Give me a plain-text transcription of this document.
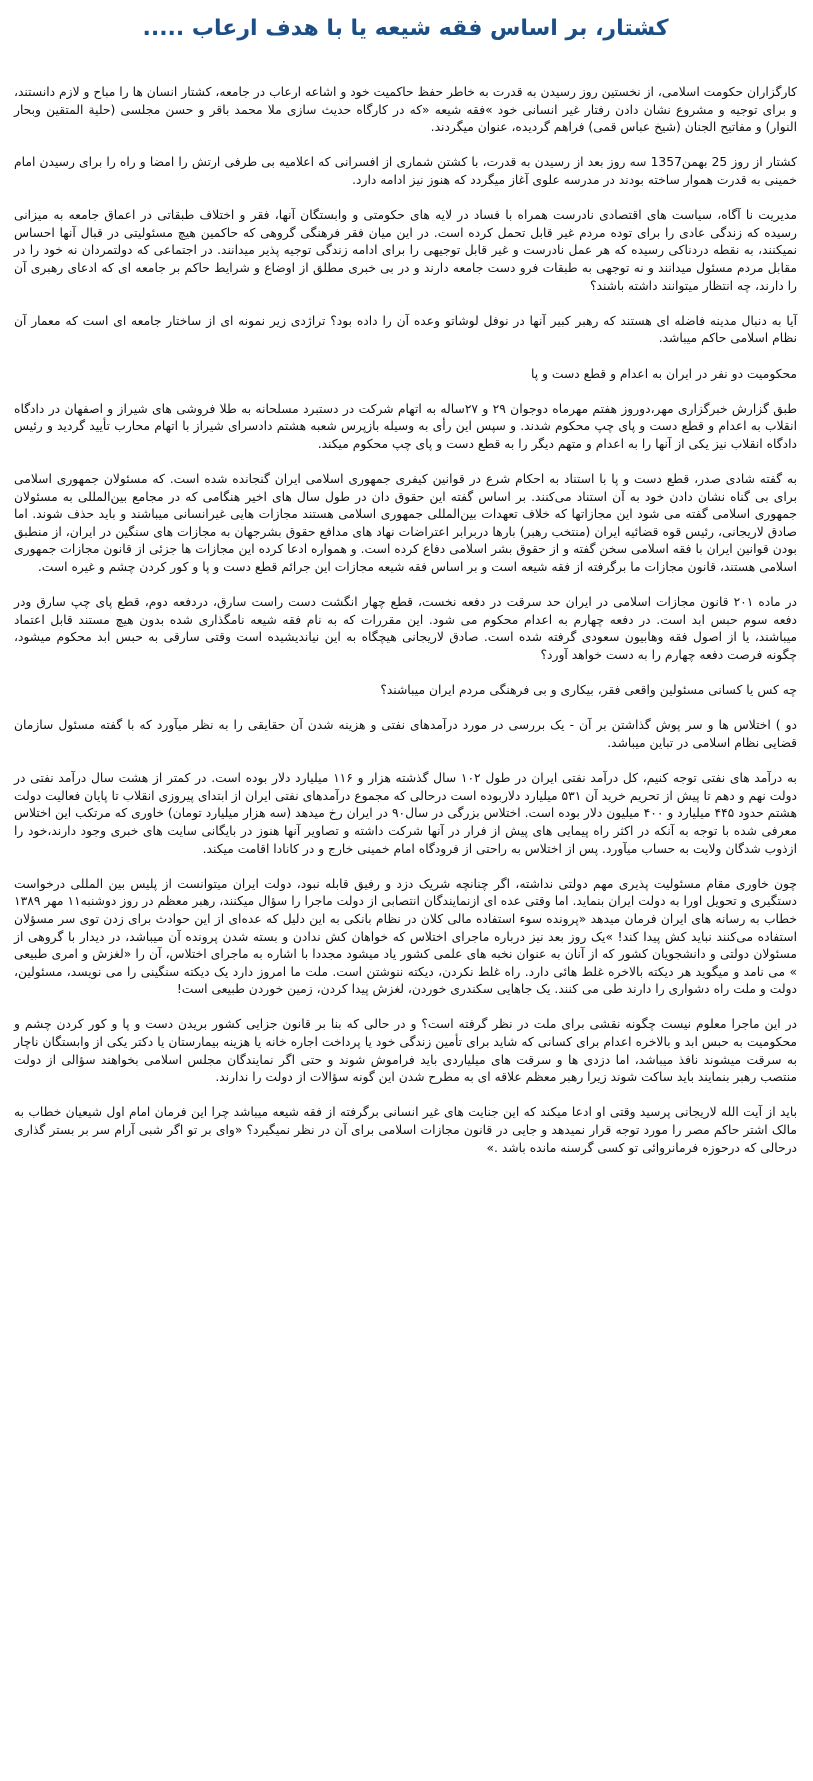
کشتار، بر اساس فقه شیعه یا با هدف ارعاب .....

کارگزاران حکومت اسلامی، از نخستین روز رسیدن به قدرت به خاطر حفظ حاکمیت خود و اشاعه ارعاب در جامعه، کشتار انسان ها را مباح و لازم دانستند، و برای توجیه و مشروع نشان دادن رفتار غیر انسانی خود »فقه شیعه «که در کارگاه حدیث سازی ملا محمد باقر و حسن مجلسی (حلیة المتقین وبحار النوار) و مفاتیح الجنان (شیخ عباس قمی) فراهم گردیده، عنوان میگردند.

کشتار از روز 25 بهمن1357 سه روز بعد از رسیدن به قدرت، با کشتن شماری از افسرانی که اعلامیه بی طرفی ارتش را امضا و راه را برای رسیدن امام خمینی به قدرت هموار ساخته بودند در مدرسه علوی آغاز میگردد که هنوز نیز ادامه دارد.

مدیریت نا آگاه، سیاست های اقتصادی نادرست همراه با فساد در لایه های حکومتی و وابستگان آنها، فقر و اختلاف طبقاتی در اعماق جامعه به میزانی رسیده که زندگی عادی را برای توده مردم غیر قابل تحمل کرده است. در این میان فقر فرهنگی گروهی که حاکمین هیچ مسئولیتی در قبال آنها احساس نمیکنند، به نقطه دردناکی رسیده که هر عمل نادرست و غیر قابل توجیهی را برای ادامه زندگی توجیه پذیر میدانند. در اجتماعی که دولتمردان نه خود را در مقابل مردم مسئول میدانند و نه توجهی به طبقات فرو دست جامعه دارند و در بی خبری مطلق از اوضاع و شرایط حاکم بر جامعه ای که ادعای رهبری آن را دارند، چه انتظار میتوانند داشته باشند؟

آیا به دنبال مدینه فاضله ای هستند که رهبر کبیر آنها در نوفل لوشاتو وعده آن را داده بود؟ تراژدی زیر نمونه ای از ساختار جامعه ای است که معمار آن نظام اسلامی حاکم میباشد.

محکومیت دو نفر در ایران به اعدام و قطع دست و پا

طبق گزارش خبرگزاری مهر،دوروز هفتم مهرماه دوجوان ۲۹ و ۲۷ساله به اتهام شرکت در دستبرد مسلحانه به طلا فروشی های شیراز و اصفهان در دادگاه انقلاب به اعدام و قطع دست و پای چپ محکوم شدند. و سپس این رأی به وسیله بازپرس شعبه هشتم دادسرای شیراز با اتهام محارب تأیید گردید و رئیس دادگاه انقلاب نیز یکی از آنها را به اعدام و متهم دیگر را به قطع دست و پای چپ محکوم میکند.

به گفته شادی صدر، قطع دست و پا با استناد به احکام شرع در قوانین کیفری جمهوری اسلامی ایران گنجانده شده است. که مسئولان جمهوری اسلامی برای بی گناه نشان دادن خود به آن استناد می‌کنند. بر اساس گفته این حقوق دان در طول سال های اخیر هنگامی که در مجامع بین‌المللی به مسئولان جمهوری اسلامی گفته می شود این مجازاتها که خلاف تعهدات بین‌المللی جمهوری اسلامی هستند مجازات هایی غیرانسانی میباشند و باید حذف شوند. اما صادق لاریجانی، رئیس قوه قضائیه ایران (منتخب رهبر) بارها دربرابر اعتراضات نهاد های مدافع حقوق بشرجهان به مجازات های سنگین در ایران، از منطبق بودن قوانین ایران با فقه اسلامی سخن گفته و از حقوق بشر اسلامی دفاع کرده است. و همواره ادعا کرده این مجازات ها جزئی از قانون مجازات جمهوری اسلامی هستند، قانون مجازات ما برگرفته از فقه شیعه است و بر اساس فقه شیعه مجازات این جرائم قطع دست و پا و کور کردن چشم و غیره است.

در ماده ۲۰۱ قانون مجازات اسلامی در ایران حد سرقت در دفعه نخست، قطع چهار انگشت دست راست سارق، دردفعه دوم، قطع پای چپ سارق ودر دفعه سوم حبس ابد است. در دفعه چهارم به اعدام محکوم می شود. این مقررات که به نام فقه شیعه نامگذاری شده بدون هیچ مستند قابل اعتماد میباشند، یا از اصول فقه وهابیون سعودی گرفته شده است. صادق لاریجانی هیچگاه به این نیاندیشیده است وقتی سارقی به حبس ابد محکوم میشود، چگونه فرصت دفعه چهارم را به دست خواهد آورد؟

چه کس یا کسانی مسئولین واقعی فقر، بیکاری و بی فرهنگی مردم ایران میباشند؟

دو ) اختلاس ها و سر پوش گذاشتن بر آن - یک بررسی در مورد درآمدهای نفتی و هزینه شدن آن حقایقی را به نظر میآورد که با گفته مسئول سازمان قضایی نظام اسلامی در تباین میباشد.

به درآمد های نفتی توجه کنیم، کل درآمد نفتی ایران در طول ۱۰۲ سال گذشته هزار و ۱۱۶ میلیارد دلار بوده است. در کمتر از هشت سال درآمد نفتی در دولت نهم و دهم تا پیش از تحریم خرید آن ۵۳۱ میلیارد دلاربوده است درحالی که مجموع درآمدهای نفتی ایران از ابتدای پیروزی انقلاب تا پایان فعالیت دولت هشتم حدود ۴۴۵ میلیارد و ۴۰۰ میلیون دلار بوده است. اختلاس بزرگی در سال۹۰ در ایران رخ میدهد (سه هزار میلیارد تومان) خاوری که مرتکب این اختلاس معرفی شده با توجه به آنکه در اکثر راه پیمایی های پیش از فرار در آنها شرکت داشته و تصاویر آنها هنوز در بایگانی سایت های خبری وجود دارند،خود را ازذوب شدگان ولایت به حساب میآورد. پس از اختلاس به راحتی از فرودگاه امام خمینی خارج و در کانادا اقامت میکند.

چون خاوری مقام مسئولیت پذیری مهم دولتی نداشته، اگر چنانچه شریک دزد و رفیق قابله نبود، دولت ایران میتوانست از پلیس بین المللی درخواست دستگیری و تحویل اورا به دولت ایران بنماید. اما وقتی عده ای ازنمایندگان انتصابی از دولت ماجرا را سؤال میکنند، رهبر معظم در روز دوشنبه۱۱ مهر ۱۳۸۹ خطاب به رسانه های ایران فرمان میدهد «پرونده سوء استفاده مالی کلان در نظام بانکی به این دلیل که عده‌ای از این حوادث برای زدن توی سر مسؤلان استفاده می‌کنند نباید کش پیدا کند! »یک روز بعد نیز درباره ماجرای اختلاس که خواهان کش ندادن و بسته شدن پرونده آن میباشد، در دیدار با گروهی از مسئولان دولتی و دانشجویان کشور که از آنان به عنوان نخبه های علمی کشور یاد میشود مجددا با اشاره به ماجرای اختلاس، آن را «لغزش و امری طبیعی » می نامد و میگوید هر دیکته بالاخره غلط هائی دارد. راه غلط نکردن، دیکته ننوشتن است. ملت ما امروز دارد یک دیکته سنگینی را می نویسد، مسئولین، دولت و ملت راه دشواری را دارند طی می کنند. یک جاهایی سکندری خوردن، لغزش پیدا کردن، زمین خوردن طبیعی است!

در این ماجرا معلوم نیست چگونه نقشی برای ملت در نظر گرفته است؟ و در حالی که بنا بر قانون جزایی کشور بریدن دست و پا و کور کردن چشم و محکومیت به حبس ابد و بالاخره اعدام برای کسانی که شاید برای تأمین زندگی خود یا پرداخت اجاره خانه یا هزینه بیمارستان یا دکتر یکی از وابستگان ناچار به سرقت میشوند نافذ میباشد، اما دزدی ها و سرقت های میلیاردی باید فراموش شوند و حتی اگر نمایندگان مجلس اسلامی بخواهند سؤالی از دولت منتصب رهبر بنمایند باید ساکت شوند زیرا رهبر معظم علاقه ای به مطرح شدن این گونه سؤالات از دولت را ندارند.

باید از آیت الله لاریجانی پرسید وقتی او ادعا میکند که این جنایت های غیر انسانی برگرفته از فقه شیعه میباشد چرا این فرمان امام اول شیعیان خطاب به مالک اشتر حاکم مصر را مورد توجه قرار نمیدهد و جایی در قانون مجازات اسلامی برای آن در نظر نمیگیرد؟ «وای بر تو اگر شبی آرام سر بر بستر گذاری درحالی که درحوزه فرمانروائی تو کسی گرسنه مانده باشد .»
